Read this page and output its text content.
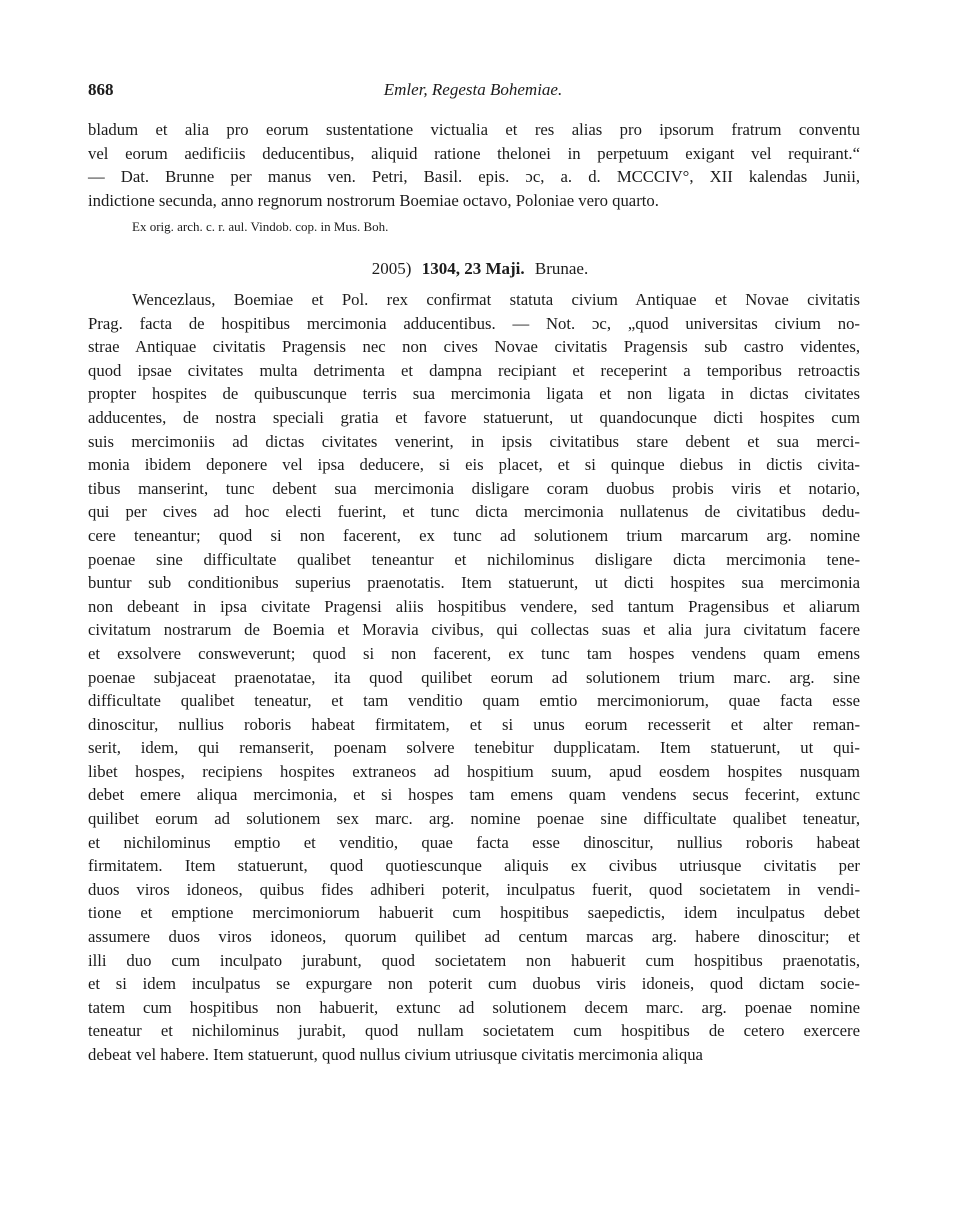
868	Emler, Regesta Bohemiae.
bladum et alia pro eorum sustentatione victualia et res alias pro ipsorum fratrum conventu
vel eorum aedificiis deducentibus, aliquid ratione thelonei in perpetuum exigant vel requirant.“
— Dat. Brunne per manus ven. Petri, Basil. epis. ɔc, a. d. MCCCIV°, XII kalendas Junii,
indictione secunda, anno regnorum nostrorum Boemiae octavo, Poloniae vero quarto.
Ex orig. arch. c. r. aul. Vindob. cop. in Mus. Boh.
2005) 1304, 23 Maji. Brunae.
Wencezlaus, Boemiae et Pol. rex confirmat statuta civium Antiquae et Novae civitatis
Prag. facta de hospitibus mercimonia adducentibus. — Not. ɔc, „quod universitas civium no-
strae Antiquae civitatis Pragensis nec non cives Novae civitatis Pragensis sub castro videntes,
quod ipsae civitates multa detrimenta et dampna recipiant et receperint a temporibus retroactis
propter hospites de quibuscunque terris sua mercimonia ligata et non ligata in dictas civitates
adducentes, de nostra speciali gratia et favore statuerunt, ut quandocunque dicti hospites cum
suis mercimoniis ad dictas civitates venerint, in ipsis civitatibus stare debent et sua merci-
monia ibidem deponere vel ipsa deducere, si eis placet, et si quinque diebus in dictis civita-
tibus manserint, tunc debent sua mercimonia disligare coram duobus probis viris et notario,
qui per cives ad hoc electi fuerint, et tunc dicta mercimonia nullatenus de civitatibus dedu-
cere teneantur; quod si non facerent, ex tunc ad solutionem trium marcarum arg. nomine
poenae sine difficultate qualibet teneantur et nichilominus disligare dicta mercimonia tene-
buntur sub conditionibus superius praenotatis. Item statuerunt, ut dicti hospites sua mercimonia
non debeant in ipsa civitate Pragensi aliis hospitibus vendere, sed tantum Pragensibus et aliarum
civitatum nostrarum de Boemia et Moravia civibus, qui collectas suas et alia jura civitatum facere
et exsolvere consweverunt; quod si non facerent, ex tunc tam hospes vendens quam emens
poenae subjaceat praenotatae, ita quod quilibet eorum ad solutionem trium marc. arg. sine
difficultate qualibet teneatur, et tam venditio quam emtio mercimoniorum, quae facta esse
dinoscitur, nullius roboris habeat firmitatem, et si unus eorum recesserit et alter reman-
serit, idem, qui remanserit, poenam solvere tenebitur dupplicatam. Item statuerunt, ut qui-
libet hospes, recipiens hospites extraneos ad hospitium suum, apud eosdem hospites nusquam
debet emere aliqua mercimonia, et si hospes tam emens quam vendens secus fecerint, extunc
quilibet eorum ad solutionem sex marc. arg. nomine poenae sine difficultate qualibet teneatur,
et nichilominus emptio et venditio, quae facta esse dinoscitur, nullius roboris habeat
firmitatem. Item statuerunt, quod quotiescunque aliquis ex civibus utriusque civitatis per
duos viros idoneos, quibus fides adhiberi poterit, inculpatus fuerit, quod societatem in vendi-
tione et emptione mercimoniorum habuerit cum hospitibus saepedictis, idem inculpatus debet
assumere duos viros idoneos, quorum quilibet ad centum marcas arg. habere dinoscitur; et
illi duo cum inculpato jurabunt, quod societatem non habuerit cum hospitibus praenotatis,
et si idem inculpatus se expurgare non poterit cum duobus viris idoneis, quod dictam socie-
tatem cum hospitibus non habuerit, extunc ad solutionem decem marc. arg. poenae nomine
teneatur et nichilominus jurabit, quod nullam societatem cum hospitibus de cetero exercere
debeat vel habere. Item statuerunt, quod nullus civium utriusque civitatis mercimonia aliqua
